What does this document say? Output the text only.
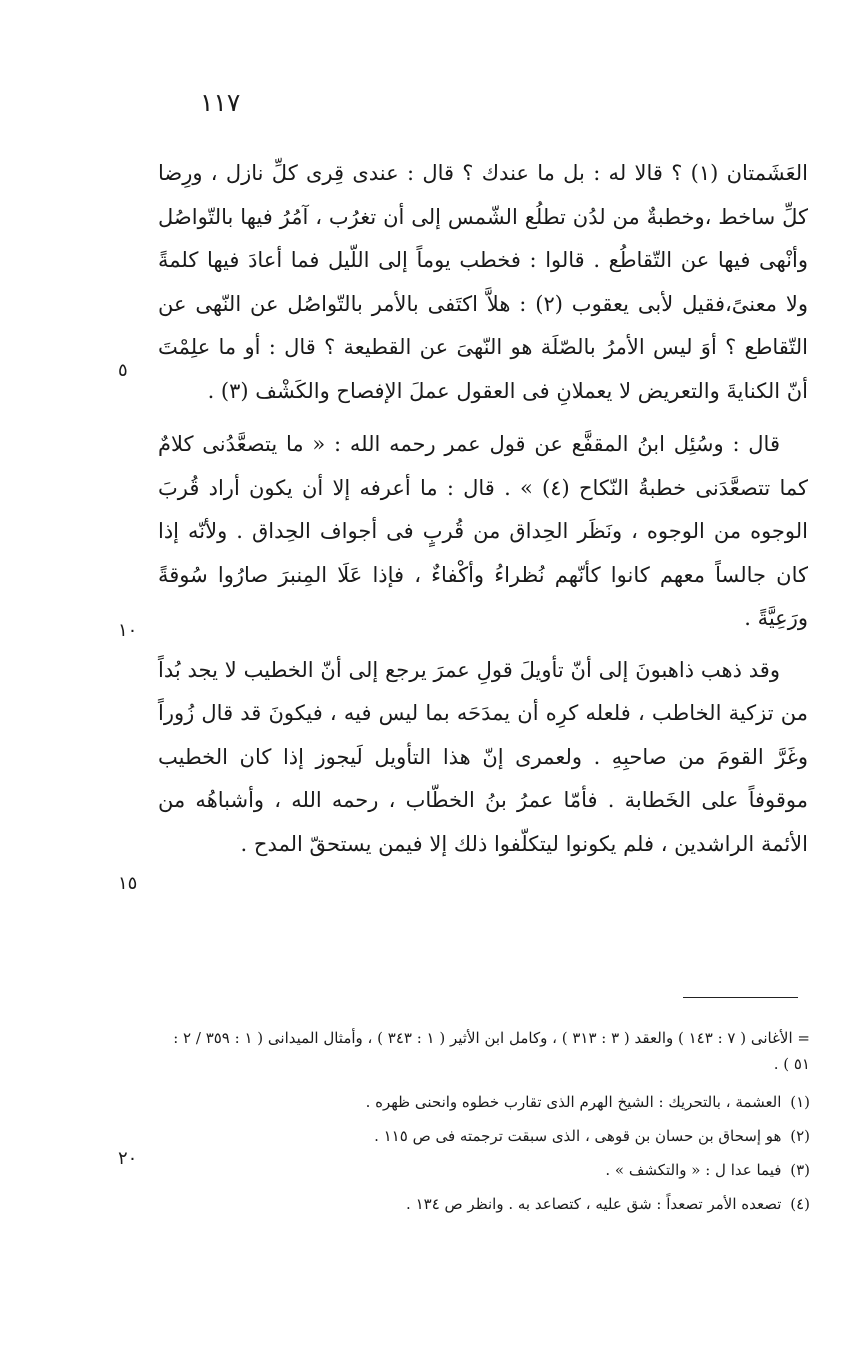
١١٧

العَشَمتان (١) ؟ قالا له : بل ما عندك ؟ قال : عندى قِرى كلِّ نازل ، ورِضا كلِّ ساخط ،وخطبةٌ من لدُن تطلُع الشّمس إلى أن تغرُب ، آمُرُ فيها بالتّواصُل وأنْهى فيها عن التّقاطُع . قالوا : فخطب يوماً إلى اللّيل فما أعادَ فيها كلمةً ولا معنىً،فقيل لأبى يعقوب (٢) : هلاَّ اكتَفى بالأمر بالتّواصُل عن النّهى عن التّقاطع ؟ أوَ ليس الأمرُ بالصّلَة هو النّهىَ عن القطيعة ؟ قال : أو ما علِمْتَ أنّ الكنايةَ والتعريض لا يعملانِ فى العقول عملَ الإفصاح والكَشْف (٣) .

قال : وسُئِل ابنُ المقفَّع عن قول عمر رحمه الله : « ما يتصعَّدُنى كلامٌ كما تتصعَّدَنى خطبةُ النّكاح (٤) » . قال : ما أعرفه إلا أن يكون أراد قُربَ الوجوه من الوجوه ، ونَظَر الحِداق من قُربٍ فى أجواف الحِداق . ولأنّه إذا كان جالساً معهم كانوا كأنّهم نُظراءُ وأكْفاءٌ ، فإذا عَلَا المِنبرَ صارُوا سُوقةً ورَعِيَّةً .

وقد ذهب ذاهبونَ إلى أنّ تأويلَ قولِ عمرَ يرجع إلى أنّ الخطيب لا يجد بُداً من تزكية الخاطب ، فلعله كرِه أن يمدَحَه بما ليس فيه ، فيكونَ قد قال زُوراً وغَرَّ القومَ من صاحبِهِ . ولعمرى إنّ هذا التأويل لَيجوز إذا كان الخطيب موقوفاً على الخَطابة . فأمّا عمرُ بنُ الخطّاب ، رحمه الله ، وأشباهُه من الأئمة الراشدين ، فلم يكونوا ليتكلّفوا ذلك إلا فيمن يستحقّ المدح .

٥
١٠
١٥
٢٠

= الأغانى ( ٧ : ١٤٣ ) والعقد ( ٣ : ٣١٣ ) ، وكامل ابن الأثير ( ١ : ٣٤٣ ) ، وأمثال الميدانى ( ١ : ٣٥٩ / ٢ : ٥١ ) .

(١) العشمة ، بالتحريك : الشيخ الهرم الذى تقارب خطوه وانحنى ظهره .

(٢) هو إسحاق بن حسان بن قوهى ، الذى سبقت ترجمته فى ص ١١٥ .

(٣) فيما عدا ل : « والتكشف » .

(٤) تصعده الأمر تصعداً : شق عليه ، كتصاعد به . وانظر ص ١٣٤ .
